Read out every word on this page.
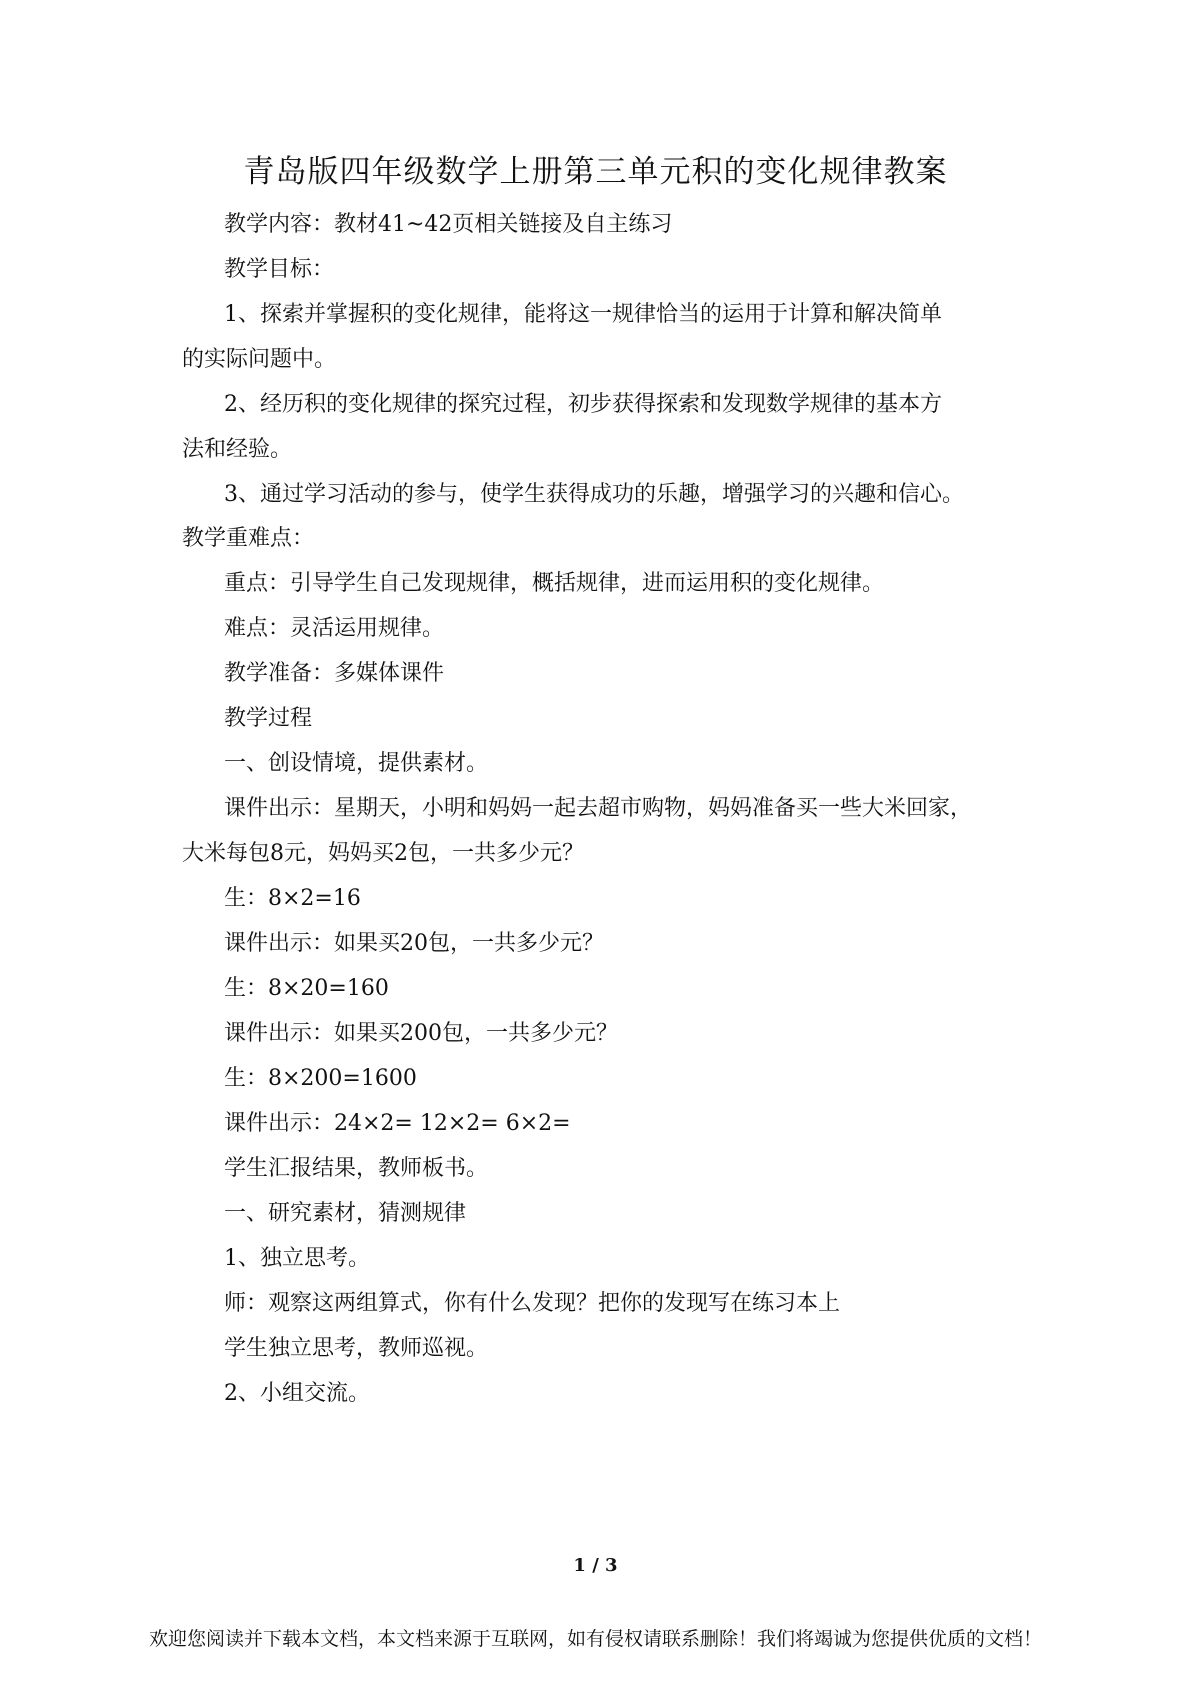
青岛版四年级数学上册第三单元积的变化规律教案

教学内容：教材41~42页相关链接及自主练习

教学目标：

1、探索并掌握积的变化规律，能将这一规律恰当的运用于计算和解决简单

的实际问题中。

2、经历积的变化规律的探究过程，初步获得探索和发现数学规律的基本方

法和经验。

3、通过学习活动的参与，使学生获得成功的乐趣，增强学习的兴趣和信心。

教学重难点：

重点：引导学生自己发现规律，概括规律，进而运用积的变化规律。

难点：灵活运用规律。

教学准备：多媒体课件

教学过程

一、创设情境，提供素材。

课件出示：星期天，小明和妈妈一起去超市购物，妈妈准备买一些大米回家，

大米每包8元，妈妈买2包，一共多少元？

生：8×2=16

课件出示：如果买20包，一共多少元？

生：8×20=160

课件出示：如果买200包，一共多少元？

生：8×200=1600

课件出示：24×2= 12×2= 6×2=

学生汇报结果，教师板书。

一、研究素材，猜测规律

1、独立思考。

师：观察这两组算式，你有什么发现？把你的发现写在练习本上

学生独立思考，教师巡视。

2、小组交流。

1 / 3
欢迎您阅读并下载本文档，本文档来源于互联网，如有侵权请联系删除！我们将竭诚为您提供优质的文档！
